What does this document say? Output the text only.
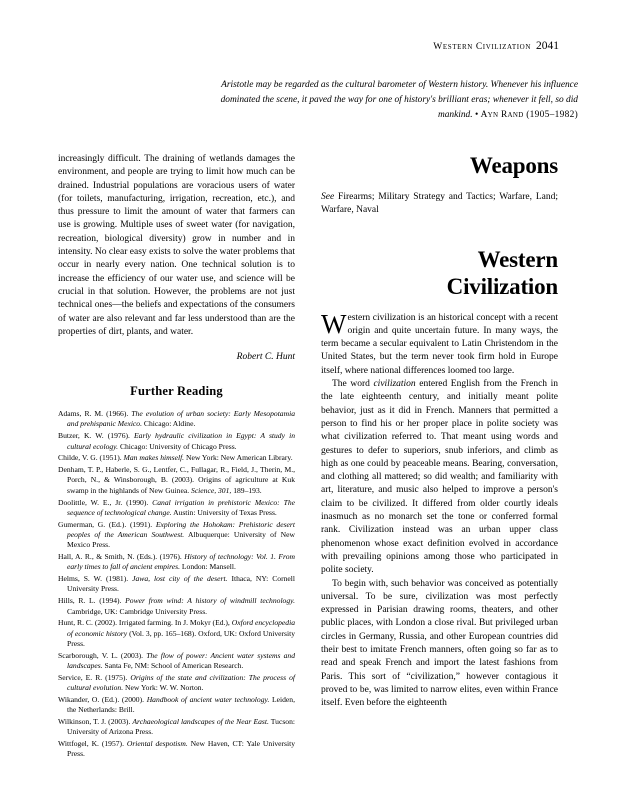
Western Civilization 2041
Aristotle may be regarded as the cultural barometer of Western history. Whenever his influence dominated the scene, it paved the way for one of history's brilliant eras; whenever it fell, so did mankind. • Ayn Rand (1905–1982)

increasingly difficult. The draining of wetlands damages the environment, and people are trying to limit how much can be drained. Industrial populations are voracious users of water (for toilets, manufacturing, irrigation, recreation, etc.), and thus pressure to limit the amount of water that farmers can use is growing. Multiple uses of sweet water (for navigation, recreation, biological diversity) grow in number and in intensity. No clear easy exists to solve the water problems that occur in nearly every nation. One technical solution is to increase the efficiency of our water use, and science will be crucial in that solution. However, the problems are not just technical ones—the beliefs and expectations of the consumers of water are also relevant and far less understood than are the properties of dirt, plants, and water.

Robert C. Hunt
Further Reading
Adams, R. M. (1966). The evolution of urban society: Early Mesopotamia and prehispanic Mexico. Chicago: Aldine.
Butzer, K. W. (1976). Early hydraulic civilization in Egypt: A study in cultural ecology. Chicago: University of Chicago Press.
Childe, V. G. (1951). Man makes himself. New York: New American Library.
Denham, T. P., Haberle, S. G., Lentfer, C., Fullagar, R., Field, J., Therin, M., Porch, N., & Winsborough, B. (2003). Origins of agriculture at Kuk swamp in the highlands of New Guinea. Science, 301, 189–193.
Doolittle, W. E., Jr. (1990). Canal irrigation in prehistoric Mexico: The sequence of technological change. Austin: University of Texas Press.
Gumerman, G. (Ed.). (1991). Exploring the Hohokam: Prehistoric desert peoples of the American Southwest. Albuquerque: University of New Mexico Press.
Hall, A. R., & Smith, N. (Eds.). (1976). History of technology: Vol. 1. From early times to fall of ancient empires. London: Mansell.
Helms, S. W. (1981). Jawa, lost city of the desert. Ithaca, NY: Cornell University Press.
Hills, R. L. (1994). Power from wind: A history of windmill technology. Cambridge, UK: Cambridge University Press.
Hunt, R. C. (2002). Irrigated farming. In J. Mokyr (Ed.), Oxford encyclopedia of economic history (Vol. 3, pp. 165–168). Oxford, UK: Oxford University Press.
Scarborough, V. L. (2003). The flow of power: Ancient water systems and landscapes. Santa Fe, NM: School of American Research.
Service, E. R. (1975). Origins of the state and civilization: The process of cultural evolution. New York: W. W. Norton.
Wikander, O. (Ed.). (2000). Handbook of ancient water technology. Leiden, the Netherlands: Brill.
Wilkinson, T. J. (2003). Archaeological landscapes of the Near East. Tucson: University of Arizona Press.
Wittfogel, K. (1957). Oriental despotism. New Haven, CT: Yale University Press.
Weapons

See Firearms; Military Strategy and Tactics; Warfare, Land; Warfare, Naval

Western
Civilization

Western civilization is an historical concept with a recent origin and quite uncertain future. In many ways, the term became a secular equivalent to Latin Christendom in the United States, but the term never took firm hold in Europe itself, where national differences loomed too large.

The word civilization entered English from the French in the late eighteenth century, and initially meant polite behavior, just as it did in French. Manners that permitted a person to find his or her proper place in polite society was what civilization referred to. That meant using words and gestures to defer to superiors, snub inferiors, and climb as high as one could by peaceable means. Bearing, conversation, and clothing all mattered; so did wealth; and familiarity with art, literature, and music also helped to improve a person's claim to be civilized. It differed from older courtly ideals inasmuch as no monarch set the tone or conferred formal rank. Civilization instead was an urban upper class phenomenon whose exact definition evolved in accordance with prevailing opinions among those who participated in polite society.

To begin with, such behavior was conceived as potentially universal. To be sure, civilization was most perfectly expressed in Parisian drawing rooms, theaters, and other public places, with London a close rival. But privileged urban circles in Germany, Russia, and other European countries did their best to imitate French manners, often going so far as to read and speak French and import the latest fashions from Paris. This sort of “civilization,” however contagious it proved to be, was limited to narrow elites, even within France itself. Even before the eighteenth
